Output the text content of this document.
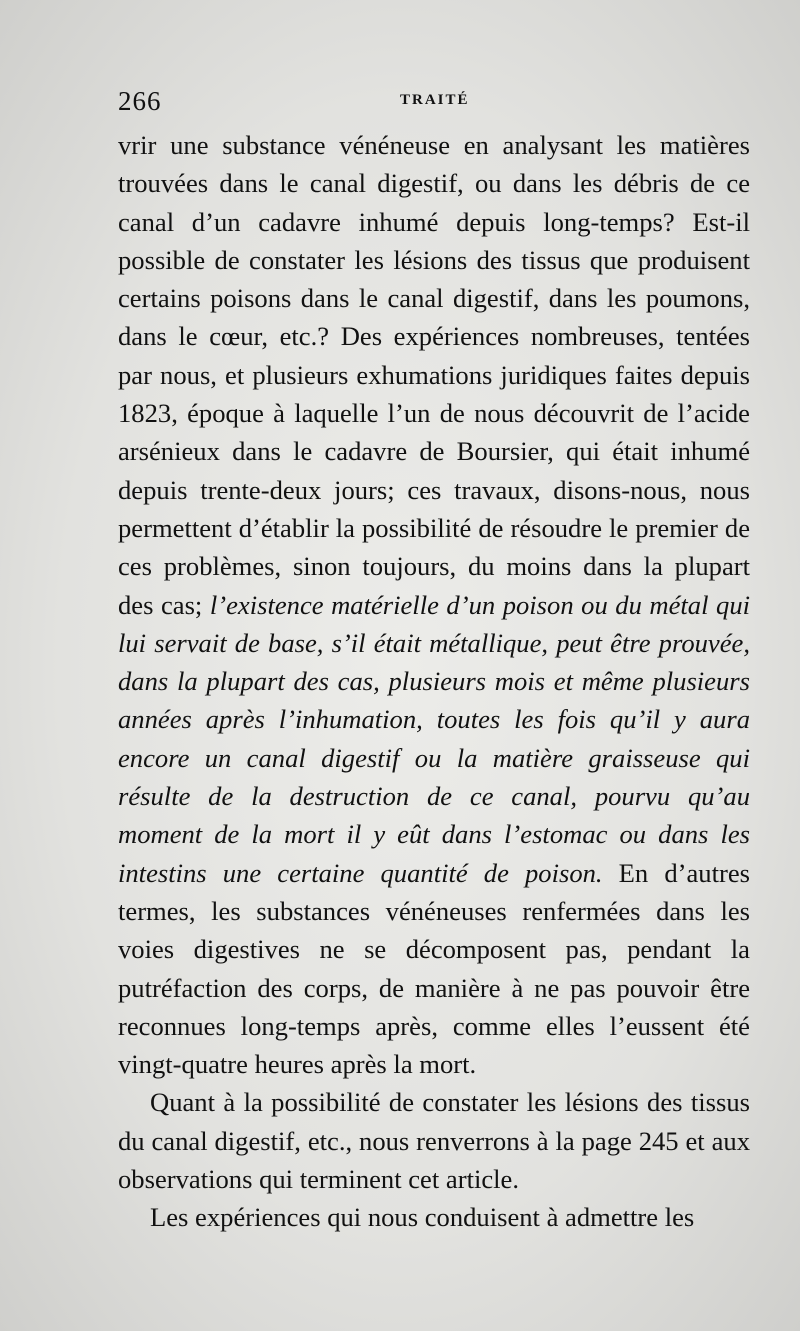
266	TRAITÉ

vrir une substance vénéneuse en analysant les matières trouvées dans le canal digestif, ou dans les débris de ce canal d’un cadavre inhumé depuis long-temps? Est-il possible de constater les lésions des tissus que produisent certains poisons dans le canal digestif, dans les poumons, dans le cœur, etc.? Des expériences nombreuses, tentées par nous, et plusieurs exhumations juridiques faites depuis 1823, époque à laquelle l’un de nous découvrit de l’acide arsénieux dans le cadavre de Boursier, qui était inhumé depuis trente-deux jours; ces travaux, disons-nous, nous permettent d’établir la possibilité de résoudre le premier de ces problèmes, sinon toujours, du moins dans la plupart des cas; l’existence matérielle d’un poison ou du métal qui lui servait de base, s’il était métallique, peut être prouvée, dans la plupart des cas, plusieurs mois et même plusieurs années après l’inhumation, toutes les fois qu’il y aura encore un canal digestif ou la matière graisseuse qui résulte de la destruction de ce canal, pourvu qu’au moment de la mort il y eût dans l’estomac ou dans les intestins une certaine quantité de poison. En d’autres termes, les substances vénéneuses renfermées dans les voies digestives ne se décomposent pas, pendant la putréfaction des corps, de manière à ne pas pouvoir être reconnues long-temps après, comme elles l’eussent été vingt-quatre heures après la mort.

Quant à la possibilité de constater les lésions des tissus du canal digestif, etc., nous renverrons à la page 245 et aux observations qui terminent cet article.

Les expériences qui nous conduisent à admettre les
